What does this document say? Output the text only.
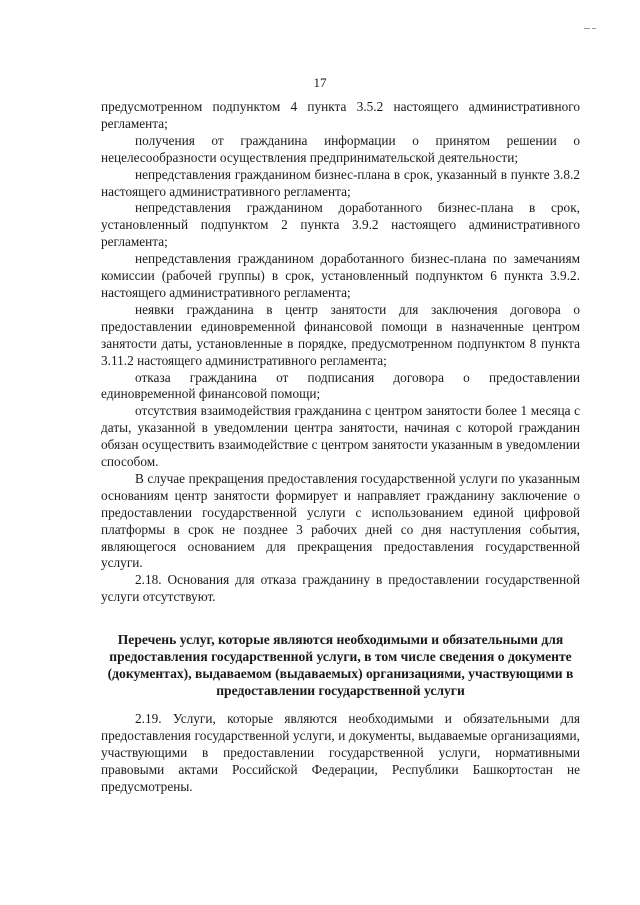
17

предусмотренном подпунктом 4 пункта 3.5.2 настоящего административного регламента;

получения от гражданина информации о принятом решении о нецелесообразности осуществления предпринимательской деятельности;

непредставления гражданином бизнес-плана в срок, указанный в пункте 3.8.2 настоящего административного регламента;

непредставления гражданином доработанного бизнес-плана в срок, установленный подпунктом 2 пункта 3.9.2 настоящего административного регламента;

непредставления гражданином доработанного бизнес-плана по замечаниям комиссии (рабочей группы) в срок, установленный подпунктом 6 пункта 3.9.2. настоящего административного регламента;

неявки гражданина в центр занятости для заключения договора о предоставлении единовременной финансовой помощи в назначенные центром занятости даты, установленные в порядке, предусмотренном подпунктом 8 пункта 3.11.2 настоящего административного регламента;

отказа гражданина от подписания договора о предоставлении единовременной финансовой помощи;

отсутствия взаимодействия гражданина с центром занятости более 1 месяца с даты, указанной в уведомлении центра занятости, начиная с которой гражданин обязан осуществить взаимодействие с центром занятости указанным в уведомлении способом.

В случае прекращения предоставления государственной услуги по указанным основаниям центр занятости формирует и направляет гражданину заключение о предоставлении государственной услуги с использованием единой цифровой платформы в срок не позднее 3 рабочих дней со дня наступления события, являющегося основанием для прекращения предоставления государственной услуги.

2.18. Основания для отказа гражданину в предоставлении государственной услуги отсутствуют.

Перечень услуг, которые являются необходимыми и обязательными для предоставления государственной услуги, в том числе сведения о документе (документах), выдаваемом (выдаваемых) организациями, участвующими в предоставлении государственной услуги

2.19. Услуги, которые являются необходимыми и обязательными для предоставления государственной услуги, и документы, выдаваемые организациями, участвующими в предоставлении государственной услуги, нормативными правовыми актами Российской Федерации, Республики Башкортостан не предусмотрены.
